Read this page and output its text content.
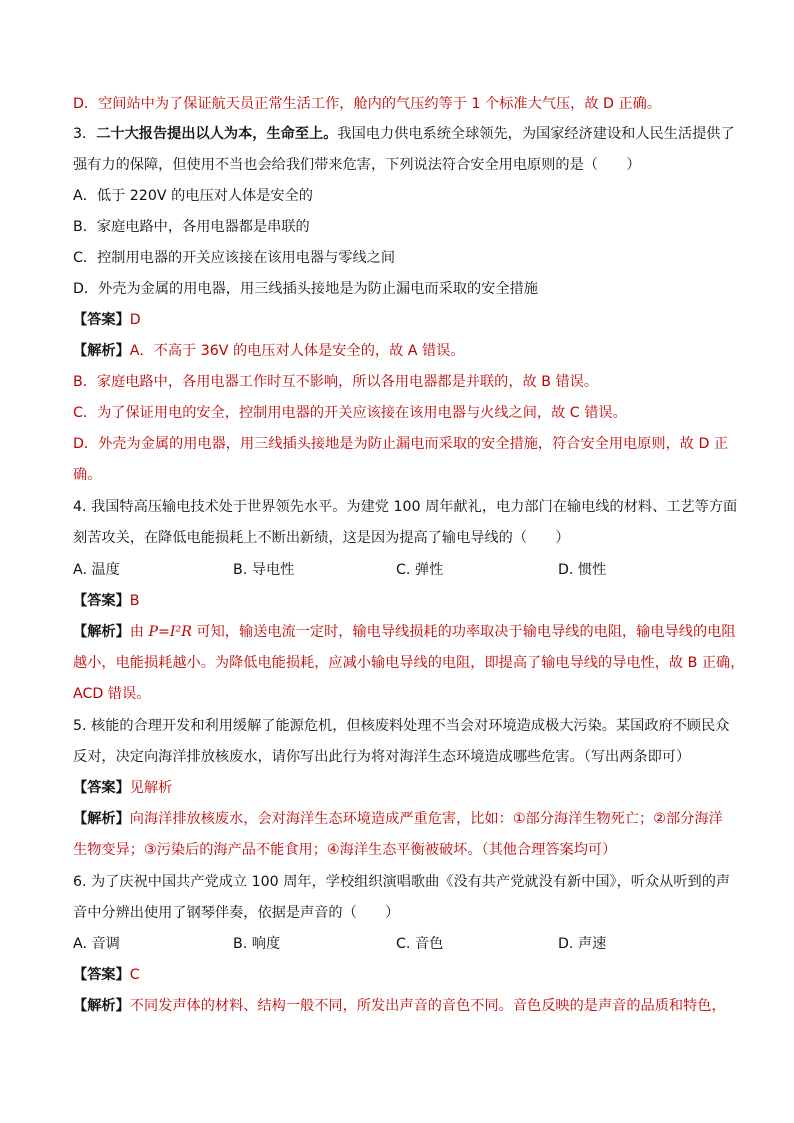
D．空间站中为了保证航天员正常生活工作，舱内的气压约等于 1 个标准大气压，故 D 正确。
3．二十大报告提出以人为本，生命至上。我国电力供电系统全球领先，为国家经济建设和人民生活提供了
强有力的保障，但使用不当也会给我们带来危害，下列说法符合安全用电原则的是（　　）
A．低于 220V 的电压对人体是安全的
B．家庭电路中，各用电器都是串联的
C．控制用电器的开关应该接在该用电器与零线之间
D．外壳为金属的用电器，用三线插头接地是为防止漏电而采取的安全措施
【答案】D
【解析】A．不高于 36V 的电压对人体是安全的，故 A 错误。
B．家庭电路中，各用电器工作时互不影响，所以各用电器都是并联的，故 B 错误。
C．为了保证用电的安全，控制用电器的开关应该接在该用电器与火线之间，故 C 错误。
D．外壳为金属的用电器，用三线插头接地是为防止漏电而采取的安全措施，符合安全用电原则，故 D 正
确。
4. 我国特高压输电技术处于世界领先水平。为建党 100 周年献礼，电力部门在输电线的材料、工艺等方面
刻苦攻关，在降低电能损耗上不断出新绩，这是因为提高了输电导线的（　　）
A. 温度	B. 导电性	C. 弹性	D. 惯性
【答案】B
【解析】由 P=I²R 可知，输送电流一定时，输电导线损耗的功率取决于输电导线的电阻，输电导线的电阻
越小，电能损耗越小。为降低电能损耗，应减小输电导线的电阻，即提高了输电导线的导电性，故 B 正确，
ACD 错误。
5. 核能的合理开发和利用缓解了能源危机，但核废料处理不当会对环境造成极大污染。某国政府不顾民众
反对，决定向海洋排放核废水，请你写出此行为将对海洋生态环境造成哪些危害。（写出两条即可）
【答案】见解析
【解析】向海洋排放核废水，会对海洋生态环境造成严重危害，比如：①部分海洋生物死亡；②部分海洋
生物变异；③污染后的海产品不能食用；④海洋生态平衡被破坏。（其他合理答案均可）
6. 为了庆祝中国共产党成立 100 周年，学校组织演唱歌曲《没有共产党就没有新中国》，听众从听到的声
音中分辨出使用了钢琴伴奏，依据是声音的（　　）
A. 音调	B. 响度	C. 音色	D. 声速
【答案】C
【解析】不同发声体的材料、结构一般不同，所发出声音的音色不同。音色反映的是声音的品质和特色，
